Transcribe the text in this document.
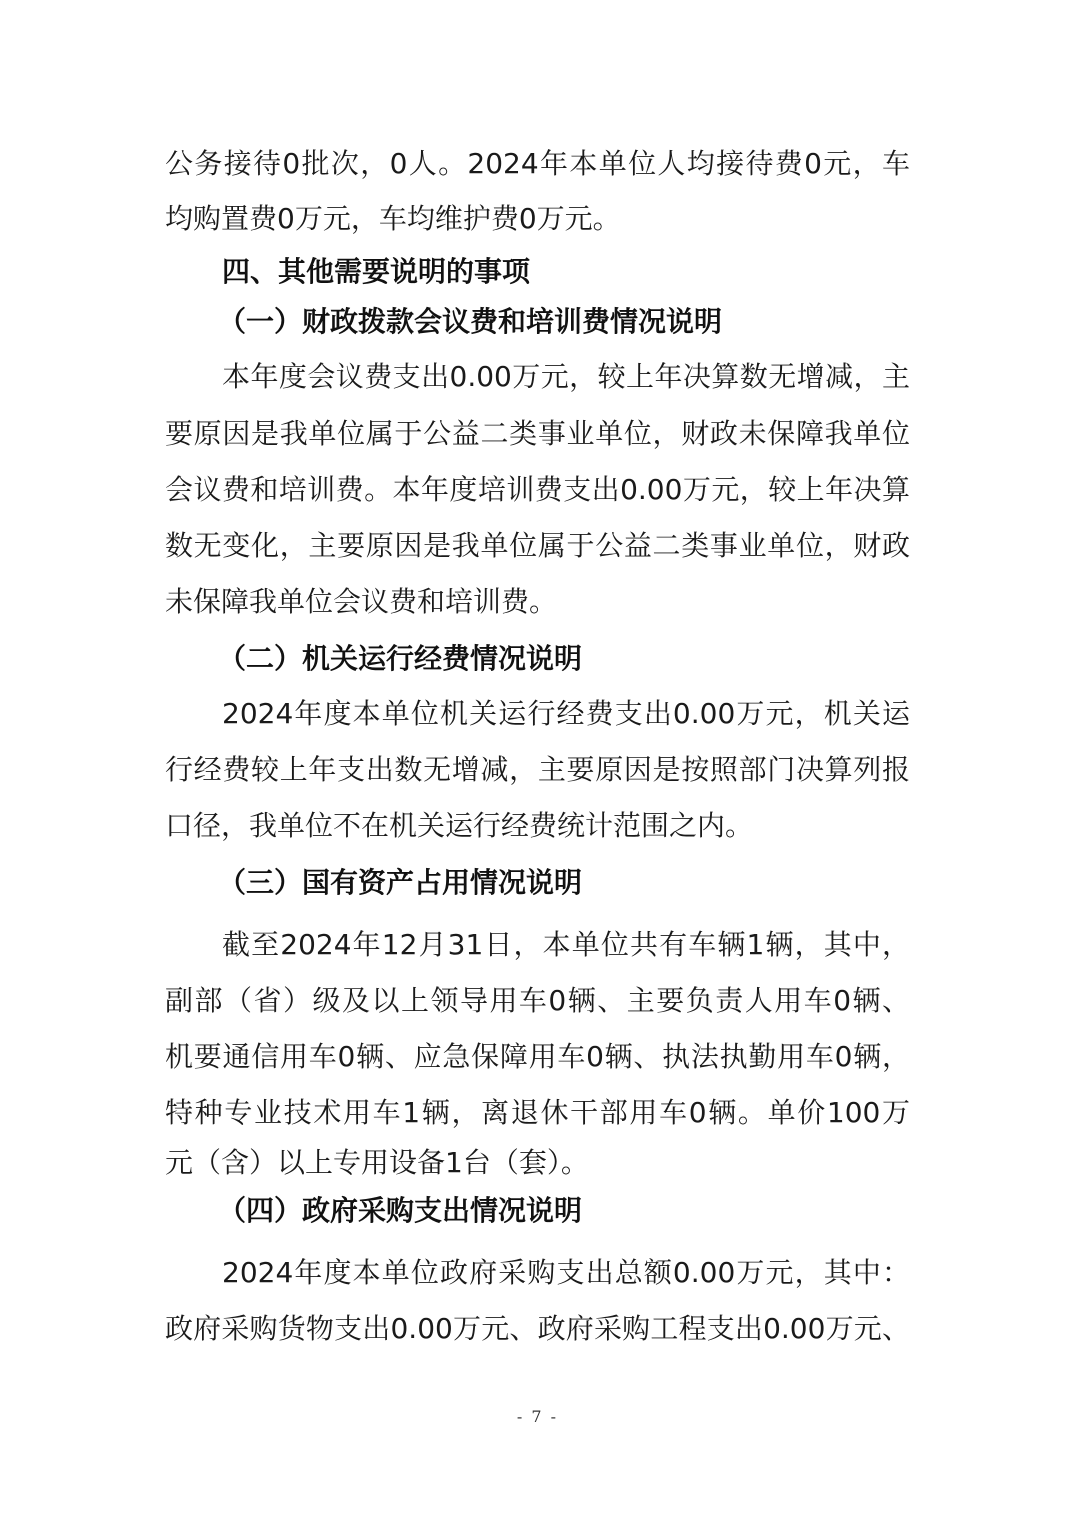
公务接待0批次，0人。2024年本单位人均接待费0元，车
均购置费0万元，车均维护费0万元。
四、其他需要说明的事项
（一）财政拨款会议费和培训费情况说明
本年度会议费支出0.00万元，较上年决算数无增减，主
要原因是我单位属于公益二类事业单位，财政未保障我单位
会议费和培训费。本年度培训费支出0.00万元，较上年决算
数无变化，主要原因是我单位属于公益二类事业单位，财政
未保障我单位会议费和培训费。
（二）机关运行经费情况说明
2024年度本单位机关运行经费支出0.00万元，机关运
行经费较上年支出数无增减，主要原因是按照部门决算列报
口径，我单位不在机关运行经费统计范围之内。
（三）国有资产占用情况说明
截至2024年12月31日，本单位共有车辆1辆，其中，
副部（省）级及以上领导用车0辆、主要负责人用车0辆、
机要通信用车0辆、应急保障用车0辆、执法执勤用车0辆，
特种专业技术用车1辆，离退休干部用车0辆。单价100万
元（含）以上专用设备1台（套）。
（四）政府采购支出情况说明
2024年度本单位政府采购支出总额0.00万元，其中：
政府采购货物支出0.00万元、政府采购工程支出0.00万元、
- 7 -
